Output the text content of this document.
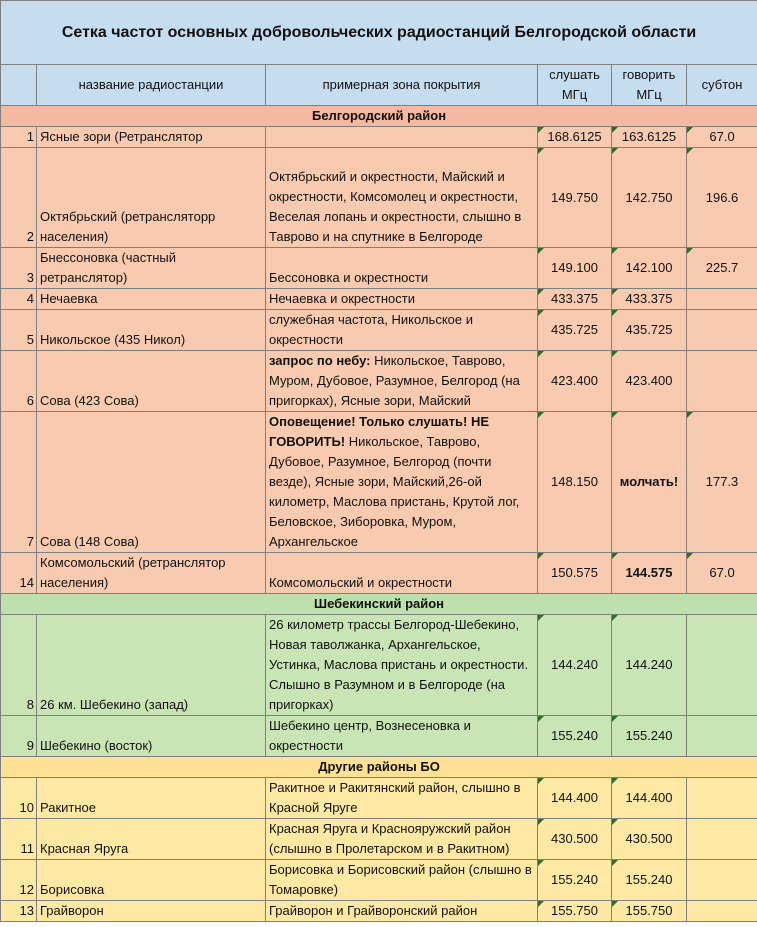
Сетка частот основных добровольческих радиостанций Белгородской области					
	название радиостанции	примерная зона покрытия	слушать МГц	говорить МГц	субтон
Белгородский район					
1	Ясные зори (Ретранслятор		168.6125	163.6125	67.0
2	Октябрьский (ретрансляторр населения)	Октябрьский и окрестности, Майский и окрестности, Комсомолец и окрестности, Веселая лопань и окрестности, слышно в Таврово и на спутнике в Белгороде	149.750	142.750	196.6
3	Бнессоновка (частный ретранслятор)	Бессоновка и окрестности	149.100	142.100	225.7
4	Нечаевка	Нечаевка и окрестности	433.375	433.375	
5	Никольское (435 Никол)	служебная частота, Никольское и окрестности	435.725	435.725	
6	Сова (423 Сова)	запрос по небу: Никольское, Таврово, Муром, Дубовое, Разумное, Белгород (на пригорках), Ясные зори, Майский	423.400	423.400	
7	Сова (148 Сова)	Оповещение! Только слушать! НЕ ГОВОРИТЬ! Никольское, Таврово, Дубовое, Разумное, Белгород (почти везде), Ясные зори, Майский,26-ой километр, Маслова пристань, Крутой лог, Беловское, Зиборовка, Муром, Архангельское	148.150	молчать!	177.3
14	Комсомольский (ретранслятор населения)	Комсомольский и окрестности	150.575	144.575	67.0
Шебекинский район					
8	26 км. Шебекино (запад)	26 километр трассы Белгород-Шебекино, Новая таволжанка, Архангельское, Устинка, Маслова пристань и окрестности. Слышно в Разумном и в Белгороде (на пригорках)	144.240	144.240	
9	Шебекино (восток)	Шебекино центр, Вознесеновка и окрестности	155.240	155.240	
Другие районы БО					
10	Ракитное	Ракитное и Ракитянский район, слышно в Красной Яруге	144.400	144.400	
11	Красная Яруга	Красная Яруга и Краснояружский район (слышно в Пролетарском и в Ракитном)	430.500	430.500	
12	Борисовка	Борисовка и Борисовский район (слышно в Томаровке)	155.240	155.240	
13	Грайворон	Грайворон и Грайворонский район	155.750	155.750	
